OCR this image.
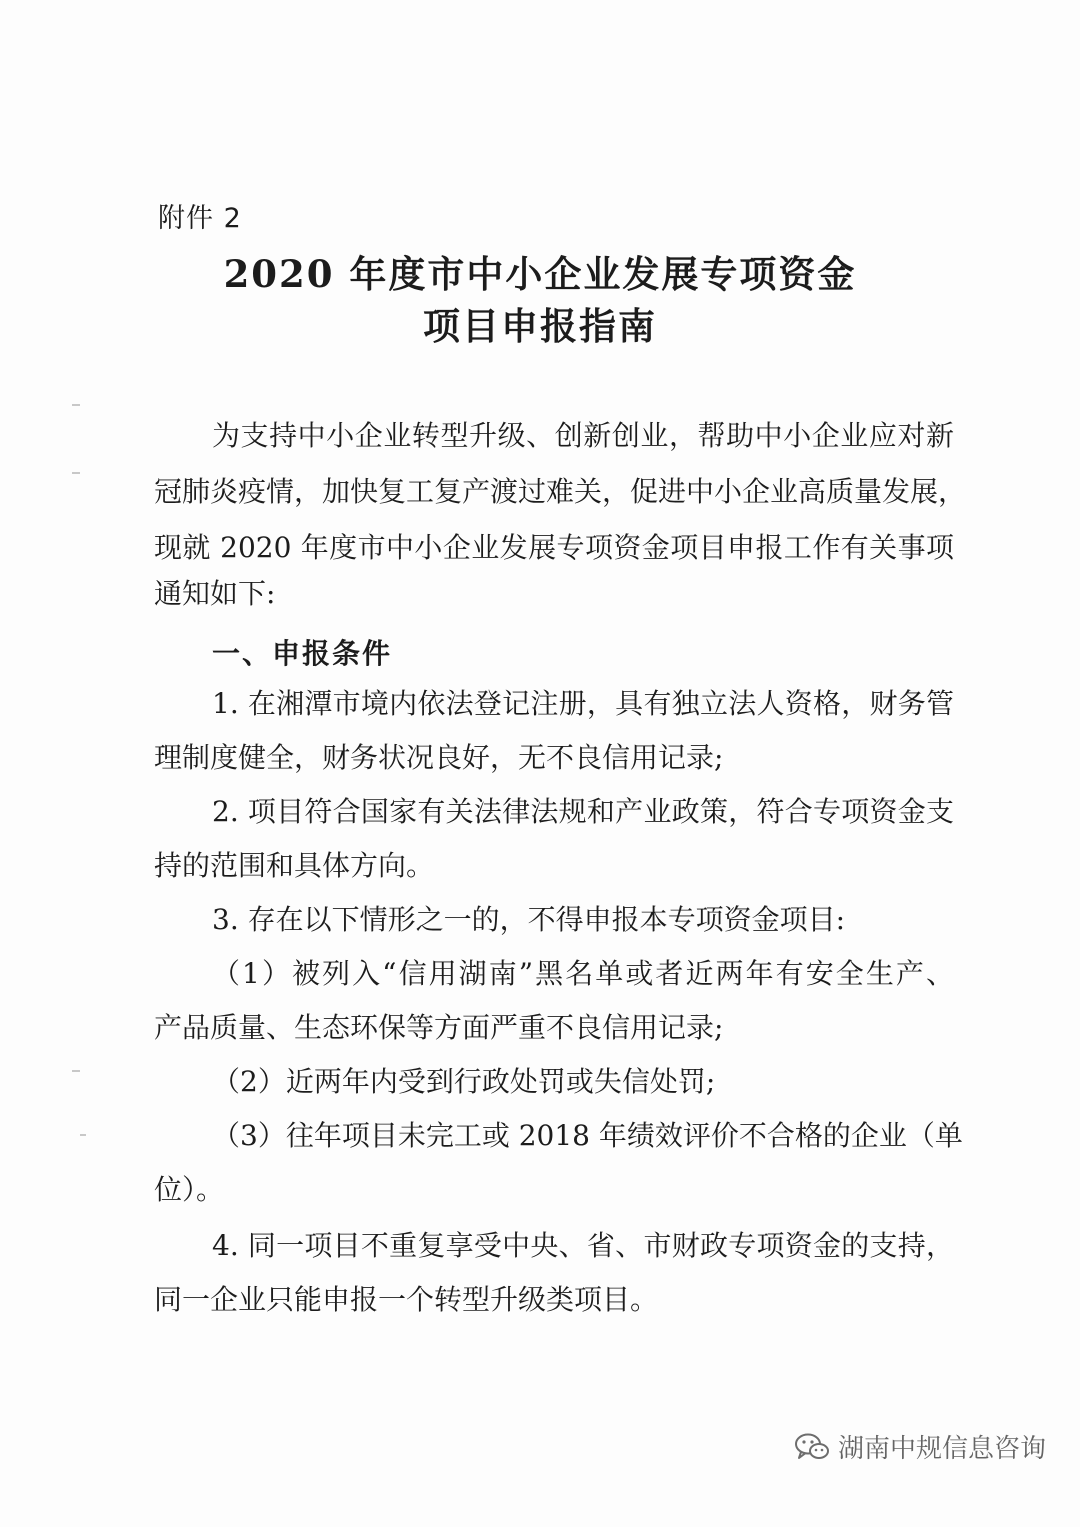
附件 2
2020 年度市中小企业发展专项资金
项目申报指南
为支持中小企业转型升级、创新创业，帮助中小企业应对新
冠肺炎疫情，加快复工复产渡过难关，促进中小企业高质量发展，
现就 2020 年度市中小企业发展专项资金项目申报工作有关事项
通知如下:
一、申报条件
1. 在湘潭市境内依法登记注册，具有独立法人资格，财务管
理制度健全，财务状况良好，无不良信用记录;
2. 项目符合国家有关法律法规和产业政策，符合专项资金支
持的范围和具体方向。
3. 存在以下情形之一的，不得申报本专项资金项目:
（1）被列入“信用湖南”黑名单或者近两年有安全生产、
产品质量、生态环保等方面严重不良信用记录;
（2）近两年内受到行政处罚或失信处罚;
（3）往年项目未完工或 2018 年绩效评价不合格的企业（单
位）。
4. 同一项目不重复享受中央、省、市财政专项资金的支持，
同一企业只能申报一个转型升级类项目。
湖南中规信息咨询
